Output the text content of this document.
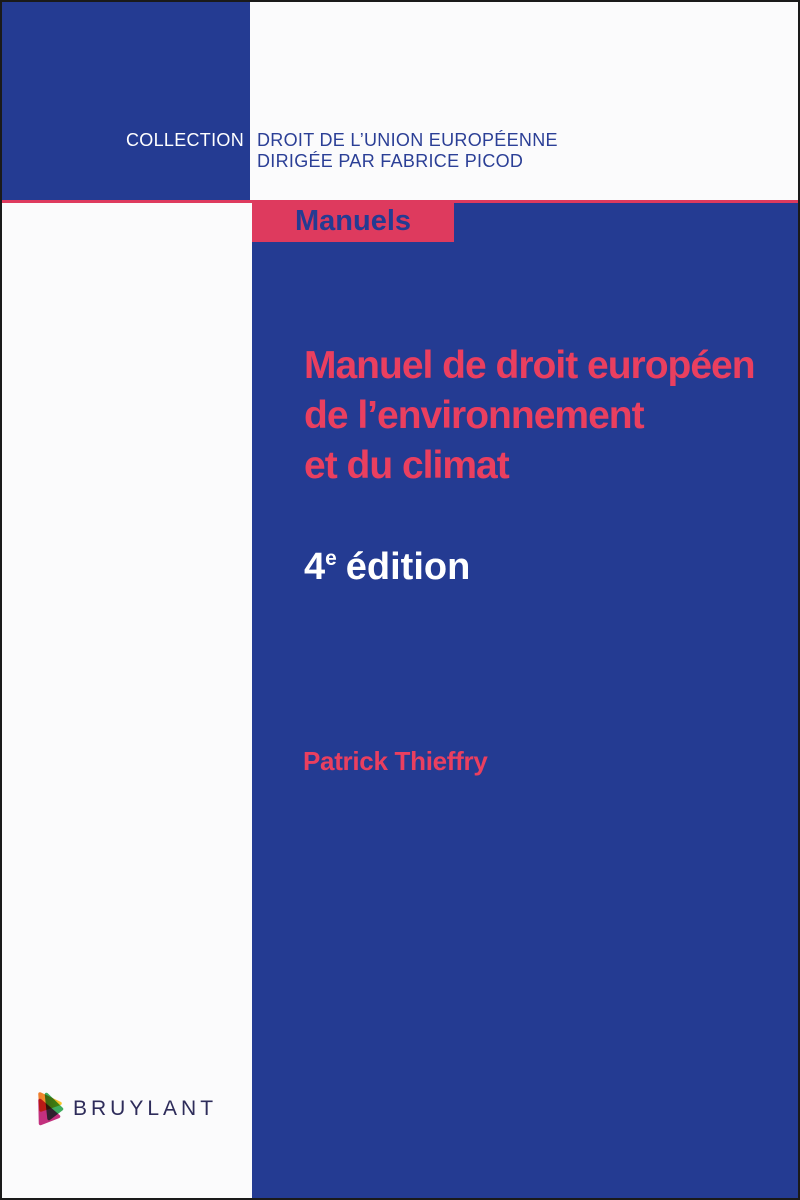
COLLECTION DROIT DE L’UNION EUROPÉENNE
DIRIGÉE PAR FABRICE PICOD
Manuels
Manuel de droit européen
de l’environnement
et du climat
4e édition
Patrick Thieffry
BRUYLANT
